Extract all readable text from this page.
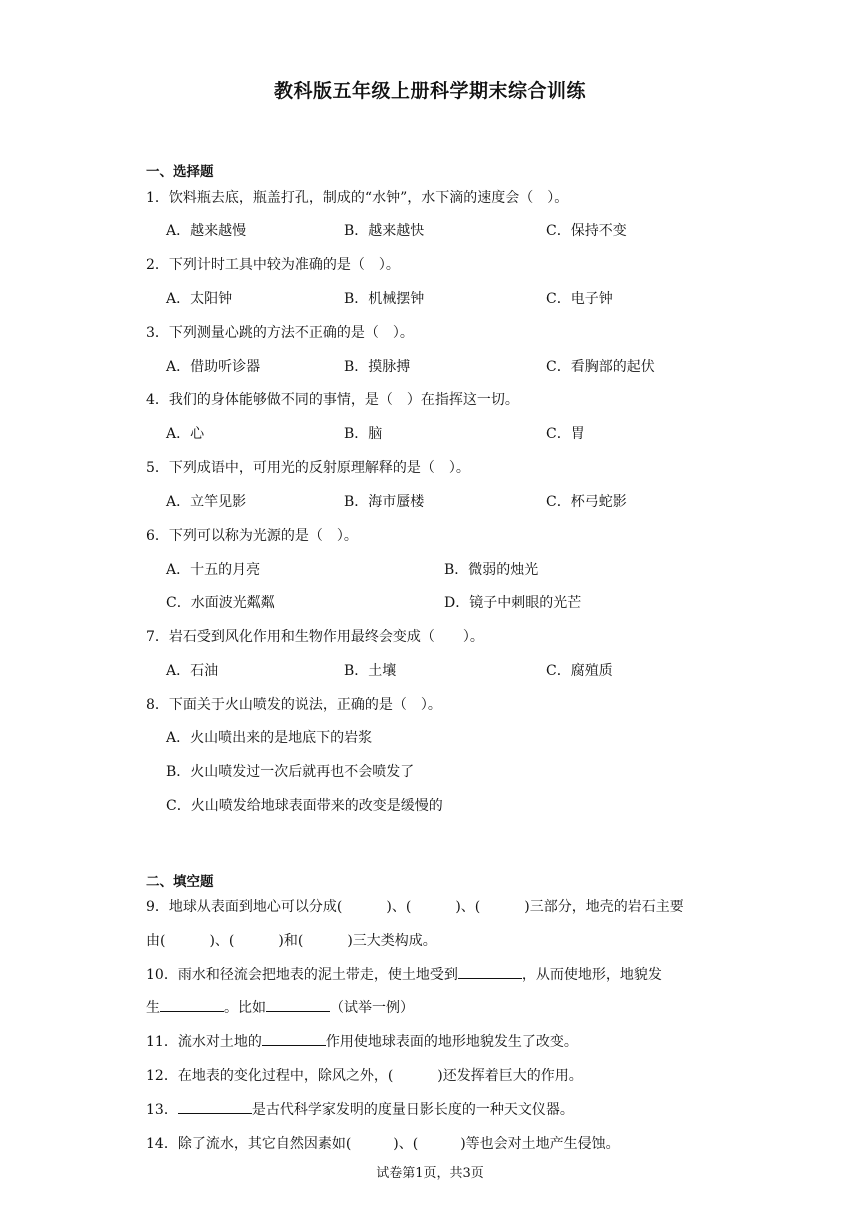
教科版五年级上册科学期末综合训练
一、选择题
1．饮料瓶去底，瓶盖打孔，制成的“水钟”，水下滴的速度会（　）。
A．越来越慢	B．越来越快	C．保持不变
2．下列计时工具中较为准确的是（　）。
A．太阳钟	B．机械摆钟	C．电子钟
3．下列测量心跳的方法不正确的是（　）。
A．借助听诊器	B．摸脉搏	C．看胸部的起伏
4．我们的身体能够做不同的事情，是（　）在指挥这一切。
A．心	B．脑	C．胃
5．下列成语中，可用光的反射原理解释的是（　）。
A．立竿见影	B．海市蜃楼	C．杯弓蛇影
6．下列可以称为光源的是（　）。
A．十五的月亮	B．微弱的烛光
C．水面波光粼粼	D．镜子中刺眼的光芒
7．岩石受到风化作用和生物作用最终会变成（　　）。
A．石油	B．土壤	C．腐殖质
8．下面关于火山喷发的说法，正确的是（　）。
A．火山喷出来的是地底下的岩浆
B．火山喷发过一次后就再也不会喷发了
C．火山喷发给地球表面带来的改变是缓慢的
二、填空题
9．地球从表面到地心可以分成(	)、(	)、(	)三部分，地壳的岩石主要
由(	)、(	)和(	)三大类构成。
10．雨水和径流会把地表的泥土带走，使土地受到	，从而使地形，地貌发
生	。比如	（试举一例）
11．流水对土地的	作用使地球表面的地形地貌发生了改变。
12．在地表的变化过程中，除风之外，(	)还发挥着巨大的作用。
13．	是古代科学家发明的度量日影长度的一种天文仪器。
14．除了流水，其它自然因素如(	)、(	)等也会对土地产生侵蚀。
试卷第1页，共3页
